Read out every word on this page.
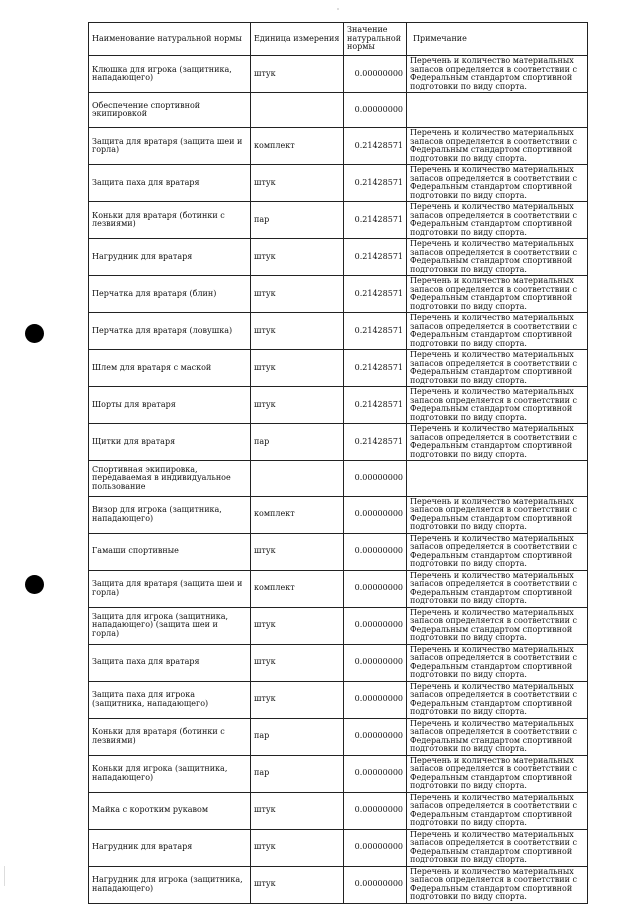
Наименование натуральной нормы	Единица измерения	Значение натуральной нормы	Примечание
Клюшка для игрока (защитника, нападающего)	штук	0.00000000	Перечень и количество материальных запасов определяется в соответствии с Федеральным стандартом спортивной подготовки по виду спорта.
Обеспечение спортивной экипировкой		0.00000000	
Защита для вратаря (защита шеи и горла)	комплект	0.21428571	Перечень и количество материальных запасов определяется в соответствии с Федеральным стандартом спортивной подготовки по виду спорта.
Защита паха для вратаря	штук	0.21428571	Перечень и количество материальных запасов определяется в соответствии с Федеральным стандартом спортивной подготовки по виду спорта.
Коньки для вратаря (ботинки с лезвиями)	пар	0.21428571	Перечень и количество материальных запасов определяется в соответствии с Федеральным стандартом спортивной подготовки по виду спорта.
Нагрудник для вратаря	штук	0.21428571	Перечень и количество материальных запасов определяется в соответствии с Федеральным стандартом спортивной подготовки по виду спорта.
Перчатка для вратаря (блин)	штук	0.21428571	Перечень и количество материальных запасов определяется в соответствии с Федеральным стандартом спортивной подготовки по виду спорта.
Перчатка для вратаря (ловушка)	штук	0.21428571	Перечень и количество материальных запасов определяется в соответствии с Федеральным стандартом спортивной подготовки по виду спорта.
Шлем для вратаря с маской	штук	0.21428571	Перечень и количество материальных запасов определяется в соответствии с Федеральным стандартом спортивной подготовки по виду спорта.
Шорты для вратаря	штук	0.21428571	Перечень и количество материальных запасов определяется в соответствии с Федеральным стандартом спортивной подготовки по виду спорта.
Щитки для вратаря	пар	0.21428571	Перечень и количество материальных запасов определяется в соответствии с Федеральным стандартом спортивной подготовки по виду спорта.
Спортивная экипировка, передаваемая в индивидуальное пользование		0.00000000	
Визор для игрока (защитника, нападающего)	комплект	0.00000000	Перечень и количество материальных запасов определяется в соответствии с Федеральным стандартом спортивной подготовки по виду спорта.
Гамаши спортивные	штук	0.00000000	Перечень и количество материальных запасов определяется в соответствии с Федеральным стандартом спортивной подготовки по виду спорта.
Защита для вратаря (защита шеи и горла)	комплект	0.00000000	Перечень и количество материальных запасов определяется в соответствии с Федеральным стандартом спортивной подготовки по виду спорта.
Защита для игрока (защитника, нападающего) (защита шеи и горла)	штук	0.00000000	Перечень и количество материальных запасов определяется в соответствии с Федеральным стандартом спортивной подготовки по виду спорта.
Защита паха для вратаря	штук	0.00000000	Перечень и количество материальных запасов определяется в соответствии с Федеральным стандартом спортивной подготовки по виду спорта.
Защита паха для игрока (защитника, нападающего)	штук	0.00000000	Перечень и количество материальных запасов определяется в соответствии с Федеральным стандартом спортивной подготовки по виду спорта.
Коньки для вратаря (ботинки с лезвиями)	пар	0.00000000	Перечень и количество материальных запасов определяется в соответствии с Федеральным стандартом спортивной подготовки по виду спорта.
Коньки для игрока (защитника, нападающего)	пар	0.00000000	Перечень и количество материальных запасов определяется в соответствии с Федеральным стандартом спортивной подготовки по виду спорта.
Майка с коротким рукавом	штук	0.00000000	Перечень и количество материальных запасов определяется в соответствии с Федеральным стандартом спортивной подготовки по виду спорта.
Нагрудник для вратаря	штук	0.00000000	Перечень и количество материальных запасов определяется в соответствии с Федеральным стандартом спортивной подготовки по виду спорта.
Нагрудник для игрока (защитника, нападающего)	штук	0.00000000	Перечень и количество материальных запасов определяется в соответствии с Федеральным стандартом спортивной подготовки по виду спорта.
